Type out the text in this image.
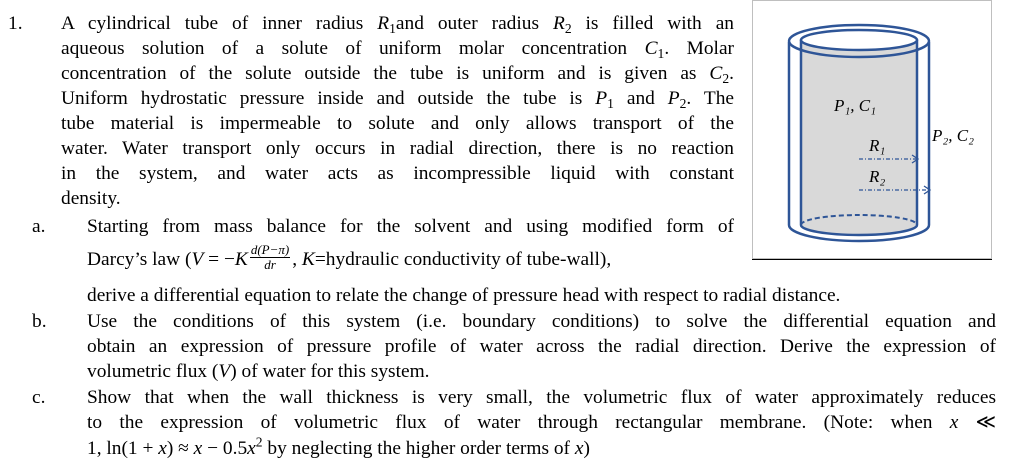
1. A cylindrical tube of inner radius $R_1and$ outer radius $R_2$ is filled with an
aqueous solution of a solute of uniform molar concentration $C_1$. Molar
concentration of the solute outside the tube is uniform and is given as $C_2$.
Uniform hydrostatic pressure inside and outside the tube is $P_1$ and $P_2$. The
tube material is impermeable to solute and only allows transport of the
water. Water transport only occurs in radial direction, there is no reaction
in the system, and water acts as incompressible liquid with constant
density.
a. Starting from mass balance for the solvent and using modified form of
Darcy’s law ($V = -K \frac{d(P-\pi)}{dr}$ , K=hydraulic conductivity of tube-wall),
derive a differential equation to relate the change of pressure head with respect to radial distance.
b. Use the conditions of this system (i.e. boundary conditions) to solve the differential equation and
obtain an expression of pressure profile of water across the radial direction. Derive the expression of
volumetric flux (V) of water for this system.
c. Show that when the wall thickness is very small, the volumetric flux of water approximately reduces
to the expression of volumetric flux of water through rectangular membrane. (Note: when x ≪
1, $\ln(1 + x) \approx x - 0.5x^2$ by neglecting the higher order terms of x)
P₁, C₁
P₂, C₂
R₁
R₂
